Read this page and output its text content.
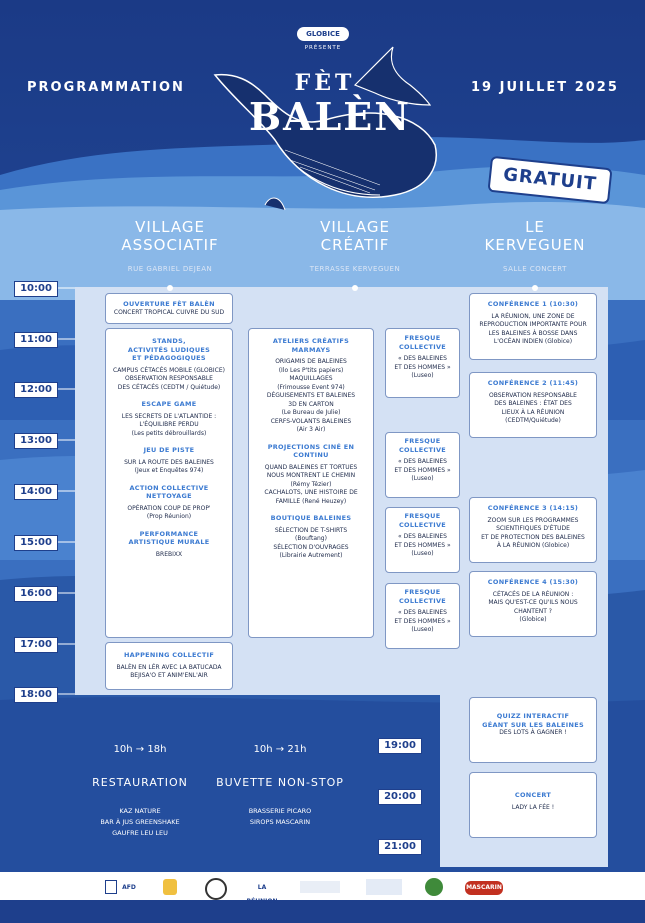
GLOBICE
PRÉSENTE
PROGRAMMATION	19 JUILLET 2025
FÈT
BALÈN
GRATUIT
VILLAGE
ASSOCIATIF
RUE GABRIEL DEJEAN
VILLAGE
CRÉATIF
TERRASSE KERVEGUEN
LE
KERVEGUEN
SALLE CONCERT
10:00
11:00
12:00
13:00
14:00
15:00
16:00
17:00
18:00
19:00
20:00
21:00
OUVERTURE FÈT BALÈN
CONCERT TROPICAL CUIVRE DU SUD
STANDS,
ACTIVITÉS LUDIQUES
ET PÉDAGOGIQUES
CAMPUS CÉTACÉS MOBILE (GLOBICE)
OBSERVATION RESPONSABLE
DES CÉTACÉS (CEDTM / Quiétude)
ESCAPE GAME
LES SECRETS DE L'ATLANTIDE :
L'ÉQUILIBRE PERDU
(Les petits débrouillards)
JEU DE PISTE
SUR LA ROUTE DES BALEINES
(Jeux et Enquêtes 974)
ACTION COLLECTIVE
NETTOYAGE
OPÉRATION COUP DE PROP'
(Prop Réunion)
PERFORMANCE
ARTISTIQUE MURALE
BREBIXX
HAPPENING COLLECTIF
BALÈN EN LÉR AVEC LA BATUCADA
BEJISA'O ET ANIM'ENL'AIR
ATELIERS CRÉATIFS
MARMAYS
ORIGAMIS DE BALEINES
(Ilo Les P'tits papiers)
MAQUILLAGES
(Frimousse Event 974)
DÉGUISEMENTS ET BALEINES
3D EN CARTON
(Le Bureau de Julie)
CERFS-VOLANTS BALEINES
(Air 3 Air)
PROJECTIONS CINÉ EN
CONTINU
QUAND BALEINES ET TORTUES
NOUS MONTRENT LE CHEMIN
(Rémy Tézier)
CACHALOTS, UNE HISTOIRE DE
FAMILLE (René Heuzey)
BOUTIQUE BALEINES
SÉLECTION DE T-SHIRTS
(Bouftang)
SÉLECTION D'OUVRAGES
(Librairie Autrement)
FRESQUE
COLLECTIVE
« DES BALEINES
ET DES HOMMES »
(Luseo)
FRESQUE
COLLECTIVE
« DES BALEINES
ET DES HOMMES »
(Luseo)
FRESQUE
COLLECTIVE
« DES BALEINES
ET DES HOMMES »
(Luseo)
FRESQUE
COLLECTIVE
« DES BALEINES
ET DES HOMMES »
(Luseo)
CONFÉRENCE 1 (10:30)
LA RÉUNION, UNE ZONE DE
REPRODUCTION IMPORTANTE POUR
LES BALEINES À BOSSE DANS
L'OCÉAN INDIEN (Globice)
CONFÉRENCE 2 (11:45)
OBSERVATION RESPONSABLE
DES BALEINES : ÉTAT DES
LIEUX À LA RÉUNION
(CEDTM/Quiétude)
CONFÉRENCE 3 (14:15)
ZOOM SUR LES PROGRAMMES
SCIENTIFIQUES D'ÉTUDE
ET DE PROTECTION DES BALEINES
À LA RÉUNION (Globice)
CONFÉRENCE 4 (15:30)
CÉTACÉS DE LA RÉUNION :
MAIS QU'EST-CE QU'ILS NOUS
CHANTENT ?
(Globice)
QUIZZ INTERACTIF
GÉANT SUR LES BALEINES
DES LOTS À GAGNER !
CONCERT
LADY LA FÉE !
10h → 18h
RESTAURATION
KAZ NATURE
BAR À JUS GREENSHAKE
GAUFRE LEU LEU
10h → 21h
BUVETTE NON-STOP
BRASSERIE PICARO
SIROPS MASCARIN
AFD	LA RÉUNION
MASCARIN
